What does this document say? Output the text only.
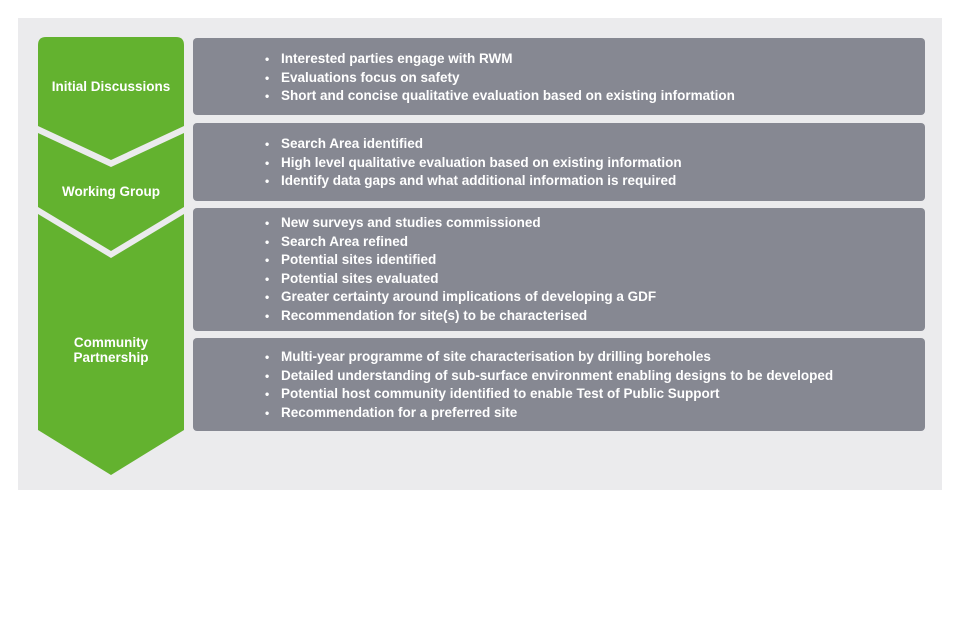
Initial Discussions
Working Group
Community
Partnership
• Interested parties engage with RWM
• Evaluations focus on safety
• Short and concise qualitative evaluation based on existing information
• Search Area identified
• High level qualitative evaluation based on existing information
• Identify data gaps and what additional information is required
• New surveys and studies commissioned
• Search Area refined
• Potential sites identified
• Potential sites evaluated
• Greater certainty around implications of developing a GDF
• Recommendation for site(s) to be characterised
• Multi-year programme of site characterisation by drilling boreholes
• Detailed understanding of sub-surface environment enabling designs to be developed
• Potential host community identified to enable Test of Public Support
• Recommendation for a preferred site
